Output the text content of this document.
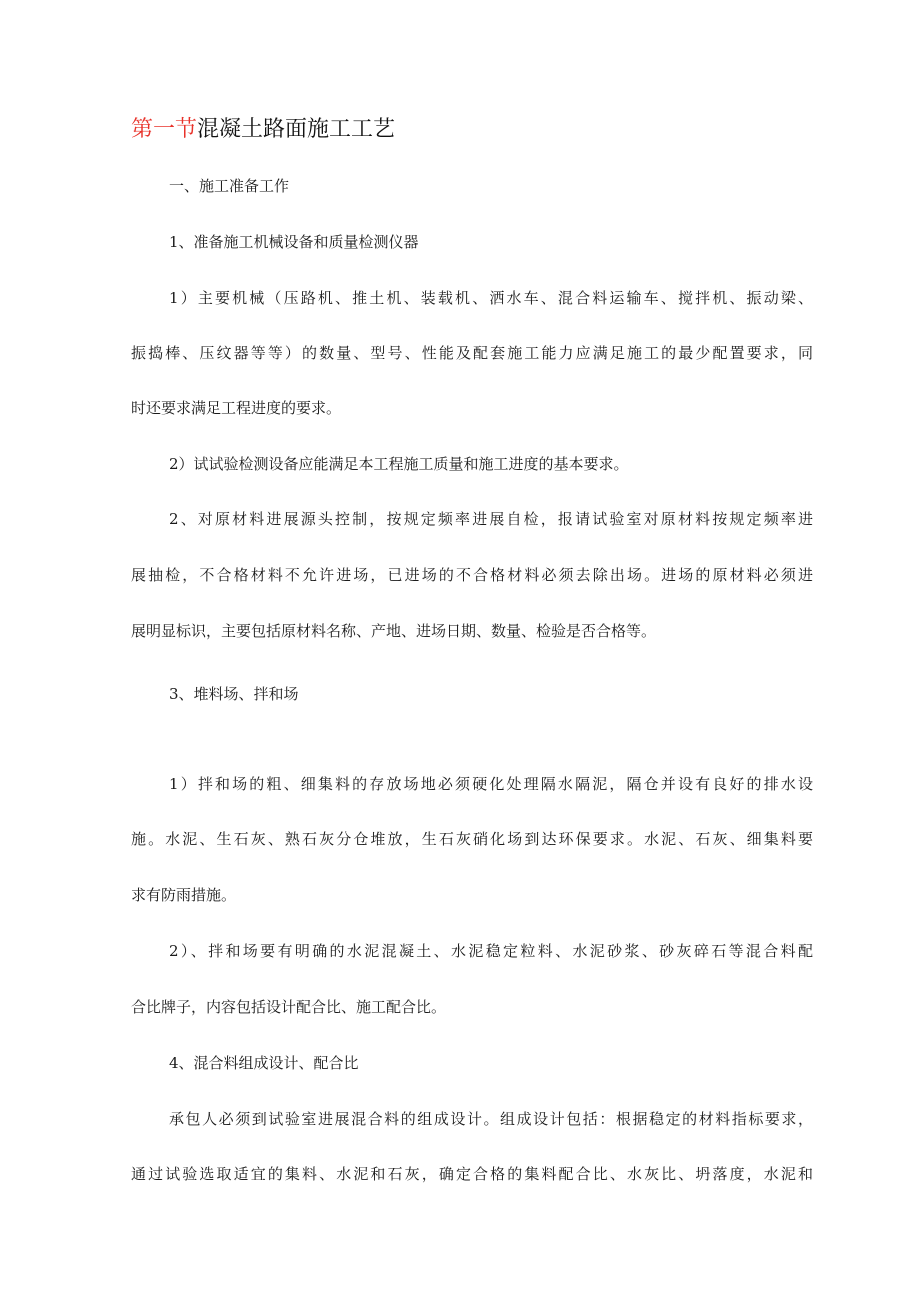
第一节混凝土路面施工工艺
一、施工准备工作
1、准备施工机械设备和质量检测仪器
1）主要机械（压路机、推土机、装载机、洒水车、混合料运输车、搅拌机、振动梁、
振捣棒、压纹器等等）的数量、型号、性能及配套施工能力应满足施工的最少配置要求，同
时还要求满足工程进度的要求。
2）试试验检测设备应能满足本工程施工质量和施工进度的基本要求。
2、对原材料进展源头控制，按规定频率进展自检，报请试验室对原材料按规定频率进
展抽检，不合格材料不允许进场，已进场的不合格材料必须去除出场。进场的原材料必须进
展明显标识，主要包括原材料名称、产地、进场日期、数量、检验是否合格等。
3、堆料场、拌和场
1）拌和场的粗、细集料的存放场地必须硬化处理隔水隔泥，隔仓并设有良好的排水设
施。水泥、生石灰、熟石灰分仓堆放，生石灰硝化场到达环保要求。水泥、石灰、细集料要
求有防雨措施。
2）、拌和场要有明确的水泥混凝土、水泥稳定粒料、水泥砂浆、砂灰碎石等混合料配
合比牌子，内容包括设计配合比、施工配合比。
4、混合料组成设计、配合比
承包人必须到试验室进展混合料的组成设计。组成设计包括：根据稳定的材料指标要求，
通过试验选取适宜的集料、水泥和石灰，确定合格的集料配合比、水灰比、坍落度，水泥和
